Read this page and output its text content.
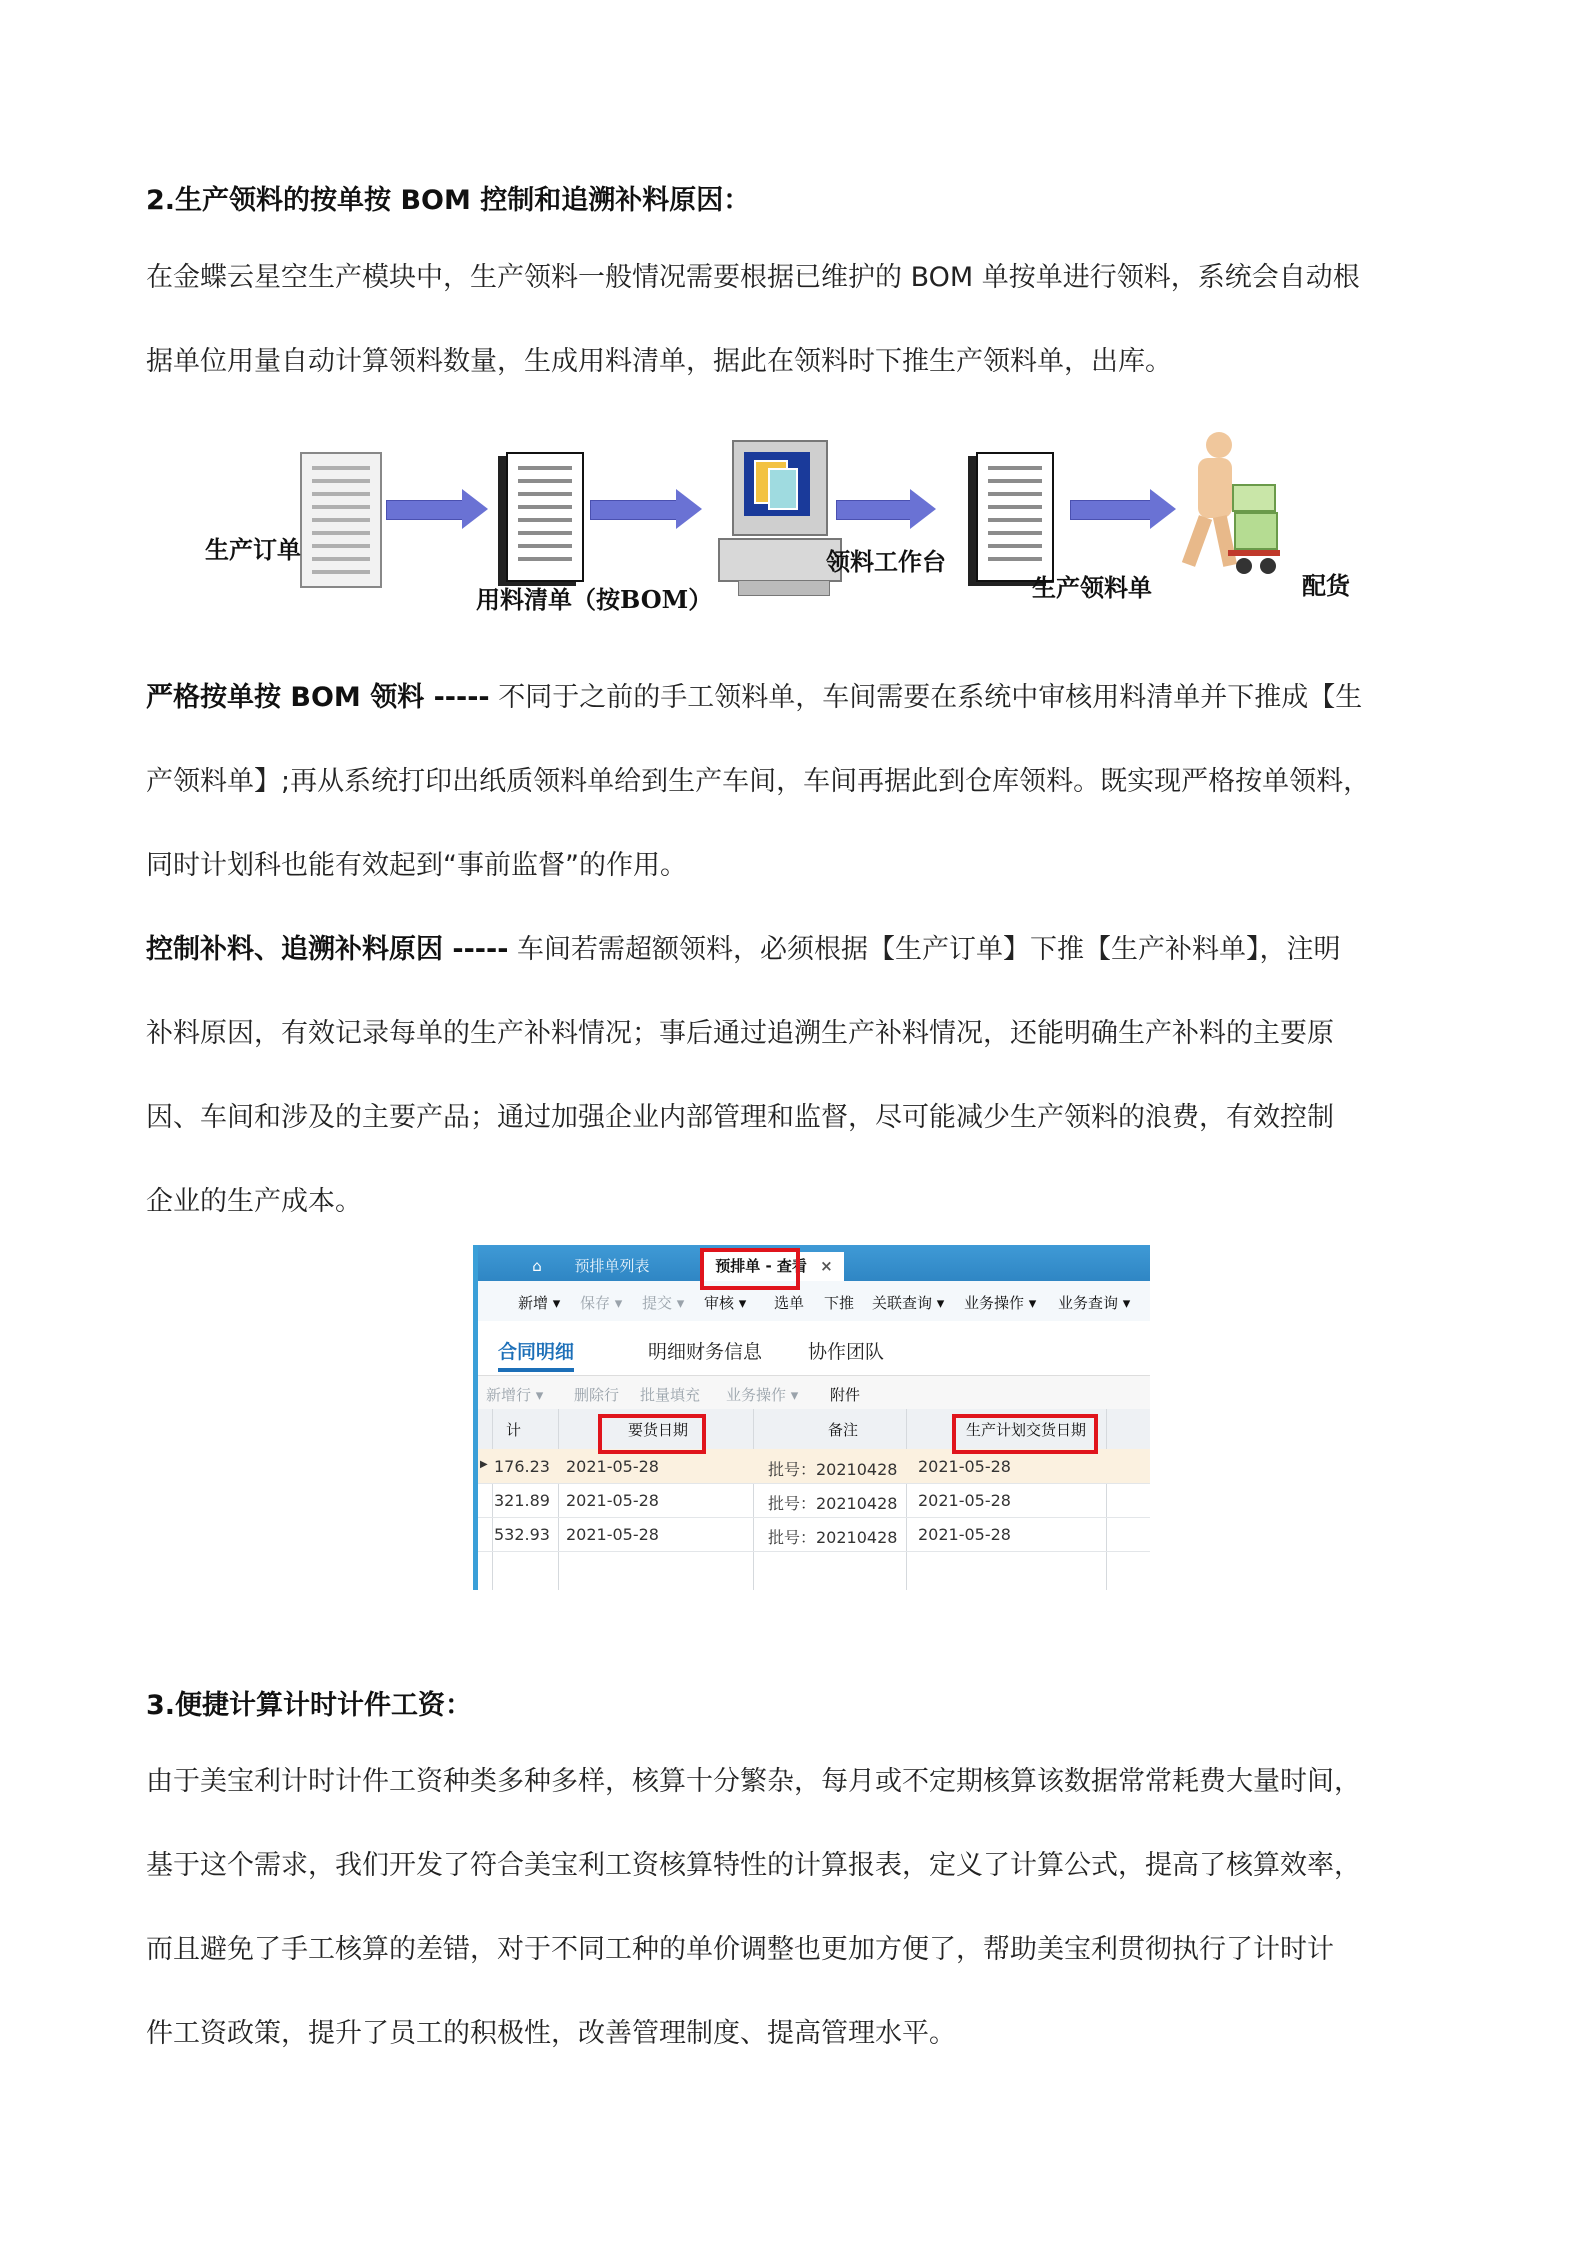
2.生产领料的按单按 BOM 控制和追溯补料原因：
在金蝶云星空生产模块中，生产领料一般情况需要根据已维护的 BOM 单按单进行领料，系统会自动根
据单位用量自动计算领料数量，生成用料清单，据此在领料时下推生产领料单，出库。
生产订单
用料清单（按BOM）
领料工作台
生产领料单	配货
严格按单按 BOM 领料 ----- 不同于之前的手工领料单，车间需要在系统中审核用料清单并下推成【生
产领料单】;再从系统打印出纸质领料单给到生产车间，车间再据此到仓库领料。既实现严格按单领料，
同时计划科也能有效起到“事前监督”的作用。
控制补料、追溯补料原因 ----- 车间若需超额领料，必须根据【生产订单】下推【生产补料单】，注明
补料原因，有效记录每单的生产补料情况；事后通过追溯生产补料情况，还能明确生产补料的主要原
因、车间和涉及的主要产品；通过加强企业内部管理和监督，尽可能减少生产领料的浪费，有效控制
企业的生产成本。
⌂	预排单列表	预排单 - 查看 ×
新增 ▾ 保存 ▾ 提交 ▾ 审核 ▾ 选单 下推 关联查询 ▾ 业务操作 ▾ 业务查询 ▾
合同明细	明细财务信息 协作团队
新增行 ▾ 删除行 批量填充 业务操作 ▾ 附件
计	要货日期	备注	生产计划交货日期
▶ 176.23 2021-05-28	批号：20210428 2021-05-28
321.89 2021-05-28	批号：20210428 2021-05-28
532.93 2021-05-28	批号：20210428 2021-05-28
3.便捷计算计时计件工资：
由于美宝利计时计件工资种类多种多样，核算十分繁杂，每月或不定期核算该数据常常耗费大量时间，
基于这个需求，我们开发了符合美宝利工资核算特性的计算报表，定义了计算公式，提高了核算效率，
而且避免了手工核算的差错，对于不同工种的单价调整也更加方便了，帮助美宝利贯彻执行了计时计
件工资政策，提升了员工的积极性，改善管理制度、提高管理水平。
